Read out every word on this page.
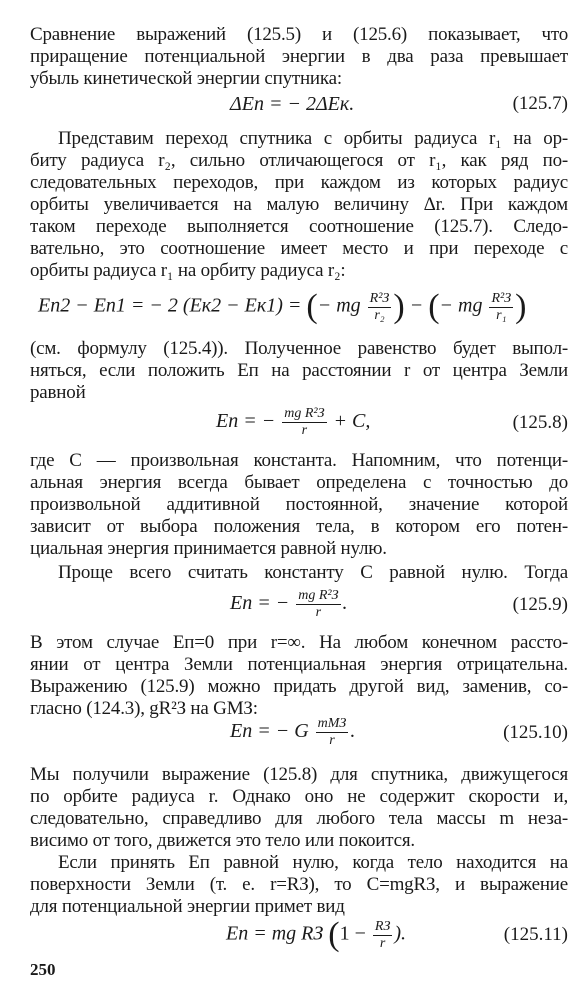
Сравнение выражений (125.5) и (125.6) показывает, что
приращение потенциальной энергии в два раза превышает
убыль кинетической энергии спутника:
ΔEп = − 2ΔEк.	(125.7)
Представим переход спутника с орбиты радиуса r₁ на ор-
биту радиуса r₂, сильно отличающегося от r₁, как ряд по-
следовательных переходов, при каждом из которых радиус
орбиты увеличивается на малую величину Δr. При каждом
таком переходе выполняется соотношение (125.7). Следо-
вательно, это соотношение имеет место и при переходе с
орбиты радиуса r₁ на орбиту радиуса r₂:
Eп2 − Eп1 = − 2 (Eк2 − Eк1) = (− mg $\frac{\text{R²З}}{\text{r₂}}$ ) − (− mg $\frac{\text{R²З}}{\text{r₁}}$ )
(см. формулу (125.4)). Полученное равенство будет выпол-
няться, если положить Eп на расстоянии r от центра Земли
равной
Eп = − $\frac{\text{mg R²З}}{r} + C$,	(125.8)
где C — произвольная константа. Напомним, что потенци-
альная энергия всегда бывает определена с точностью до
произвольной аддитивной постоянной, значение которой
зависит от выбора положения тела, в котором его потен-
циальная энергия принимается равной нулю.
Проще всего считать константу C равной нулю. Тогда
Eп = − $\frac{\text{mg R²З}}{r}$ .	(125.9)
В этом случае Eп=0 при r=∞. На любом конечном рассто-
янии от центра Земли потенциальная энергия отрицательна.
Выражению (125.9) можно придать другой вид, заменив, со-
гласно (124.3), gR²З на GMЗ:
Eп = − G $\frac{\text{mMЗ}}{r}$ .	(125.10)
Мы получили выражение (125.8) для спутника, движущегося
по орбите радиуса r. Однако оно не содержит скорости и,
следовательно, справедливо для любого тела массы m неза-
висимо от того, движется это тело или покоится.
Если принять Eп равной нулю, когда тело находится на
поверхности Земли (т. е. r=RЗ), то C=mgRЗ, и выражение
для потенциальной энергии примет вид
Eп = mg RЗ ($1 - \frac{RЗ}{r}$ ).	(125.11)
250
